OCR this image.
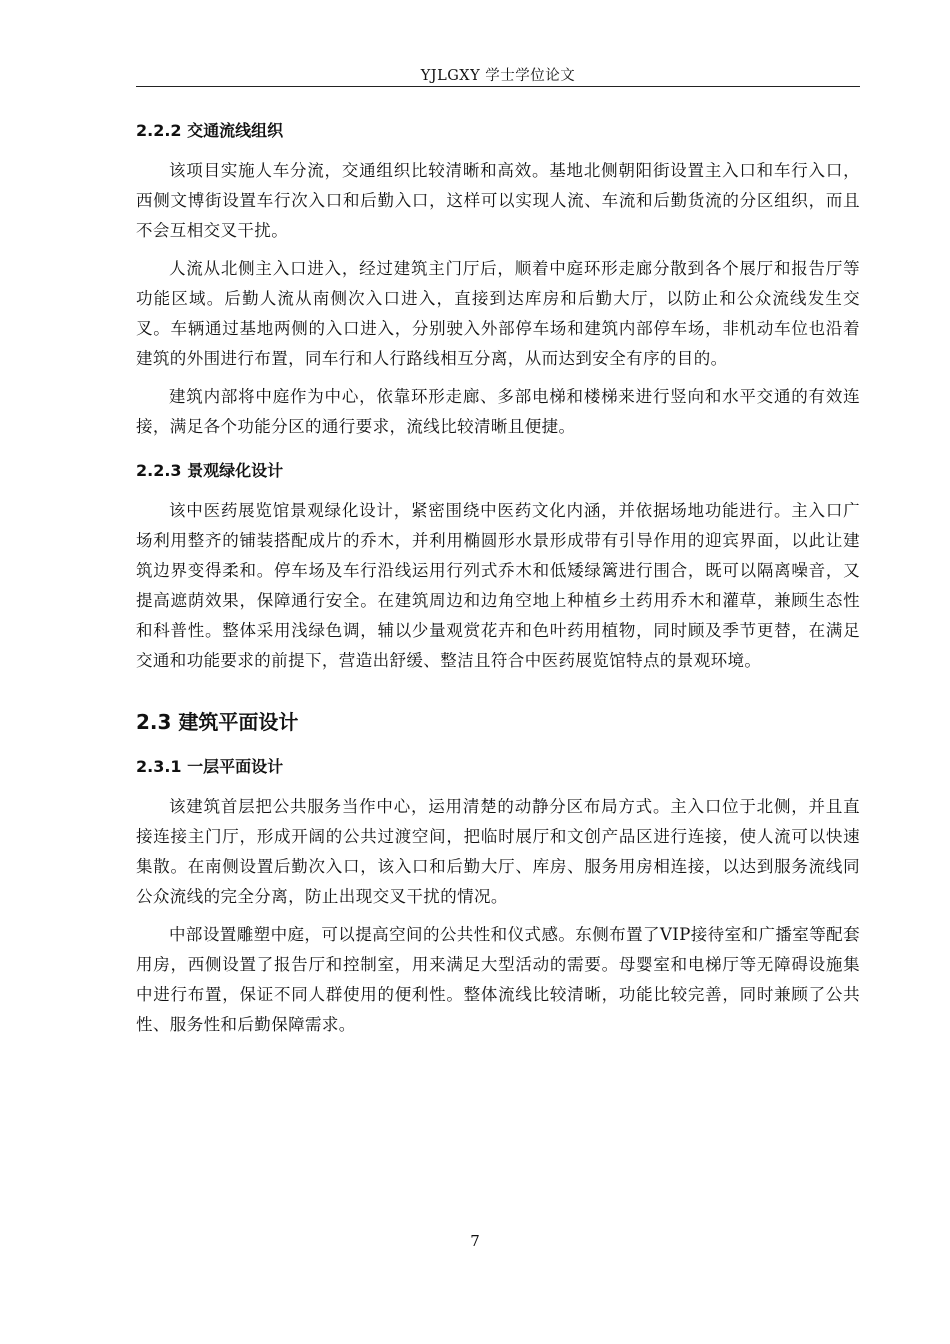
YJLGXY 学士学位论文
2.2.2 交通流线组织

该项目实施人车分流，交通组织比较清晰和高效。基地北侧朝阳街设置主入口和车行入口，西侧文博街设置车行次入口和后勤入口，这样可以实现人流、车流和后勤货流的分区组织，而且不会互相交叉干扰。

人流从北侧主入口进入，经过建筑主门厅后，顺着中庭环形走廊分散到各个展厅和报告厅等功能区域。后勤人流从南侧次入口进入，直接到达库房和后勤大厅，以防止和公众流线发生交叉。车辆通过基地两侧的入口进入，分别驶入外部停车场和建筑内部停车场，非机动车位也沿着建筑的外围进行布置，同车行和人行路线相互分离，从而达到安全有序的目的。

建筑内部将中庭作为中心，依靠环形走廊、多部电梯和楼梯来进行竖向和水平交通的有效连接，满足各个功能分区的通行要求，流线比较清晰且便捷。

2.2.3 景观绿化设计

该中医药展览馆景观绿化设计，紧密围绕中医药文化内涵，并依据场地功能进行。主入口广场利用整齐的铺装搭配成片的乔木，并利用椭圆形水景形成带有引导作用的迎宾界面，以此让建筑边界变得柔和。停车场及车行沿线运用行列式乔木和低矮绿篱进行围合，既可以隔离噪音，又提高遮荫效果，保障通行安全。在建筑周边和边角空地上种植乡土药用乔木和灌草，兼顾生态性和科普性。整体采用浅绿色调，辅以少量观赏花卉和色叶药用植物，同时顾及季节更替，在满足交通和功能要求的前提下，营造出舒缓、整洁且符合中医药展览馆特点的景观环境。

2.3 建筑平面设计
2.3.1 一层平面设计

该建筑首层把公共服务当作中心，运用清楚的动静分区布局方式。主入口位于北侧，并且直接连接主门厅，形成开阔的公共过渡空间，把临时展厅和文创产品区进行连接，使人流可以快速集散。在南侧设置后勤次入口，该入口和后勤大厅、库房、服务用房相连接，以达到服务流线同公众流线的完全分离，防止出现交叉干扰的情况。

中部设置雕塑中庭，可以提高空间的公共性和仪式感。东侧布置了VIP接待室和广播室等配套用房，西侧设置了报告厅和控制室，用来满足大型活动的需要。母婴室和电梯厅等无障碍设施集中进行布置，保证不同人群使用的便利性。整体流线比较清晰，功能比较完善，同时兼顾了公共性、服务性和后勤保障需求。

7
